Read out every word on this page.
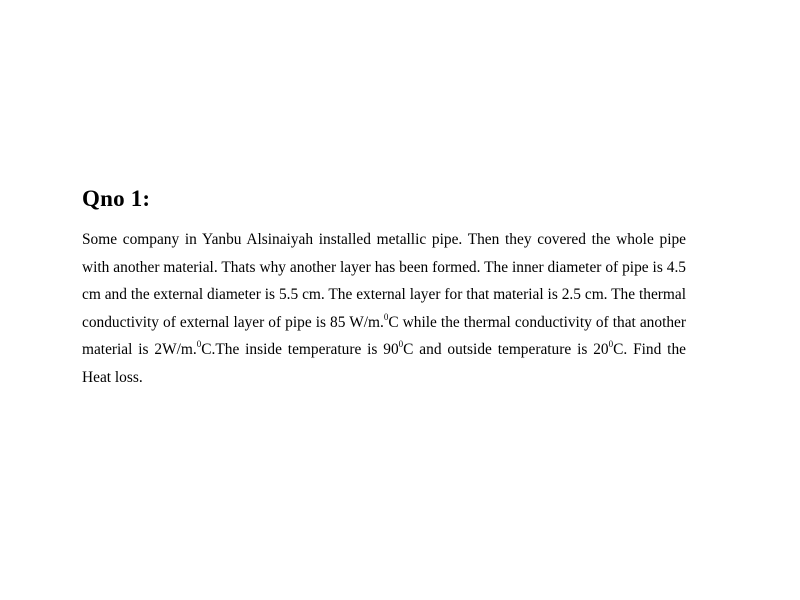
Qno 1:

Some company in Yanbu Alsinaiyah installed metallic pipe. Then they covered the whole pipe with another material. Thats why another layer has been formed. The inner diameter of pipe is 4.5 cm and the external diameter is 5.5 cm. The external layer for that material is 2.5 cm. The thermal conductivity of external layer of pipe is 85 W/m.$^0$C while the thermal conductivity of that another material is 2W/m.$^0$C.The inside temperature is $90^0C$ and outside temperature is $20^0C$. Find the Heat loss.
